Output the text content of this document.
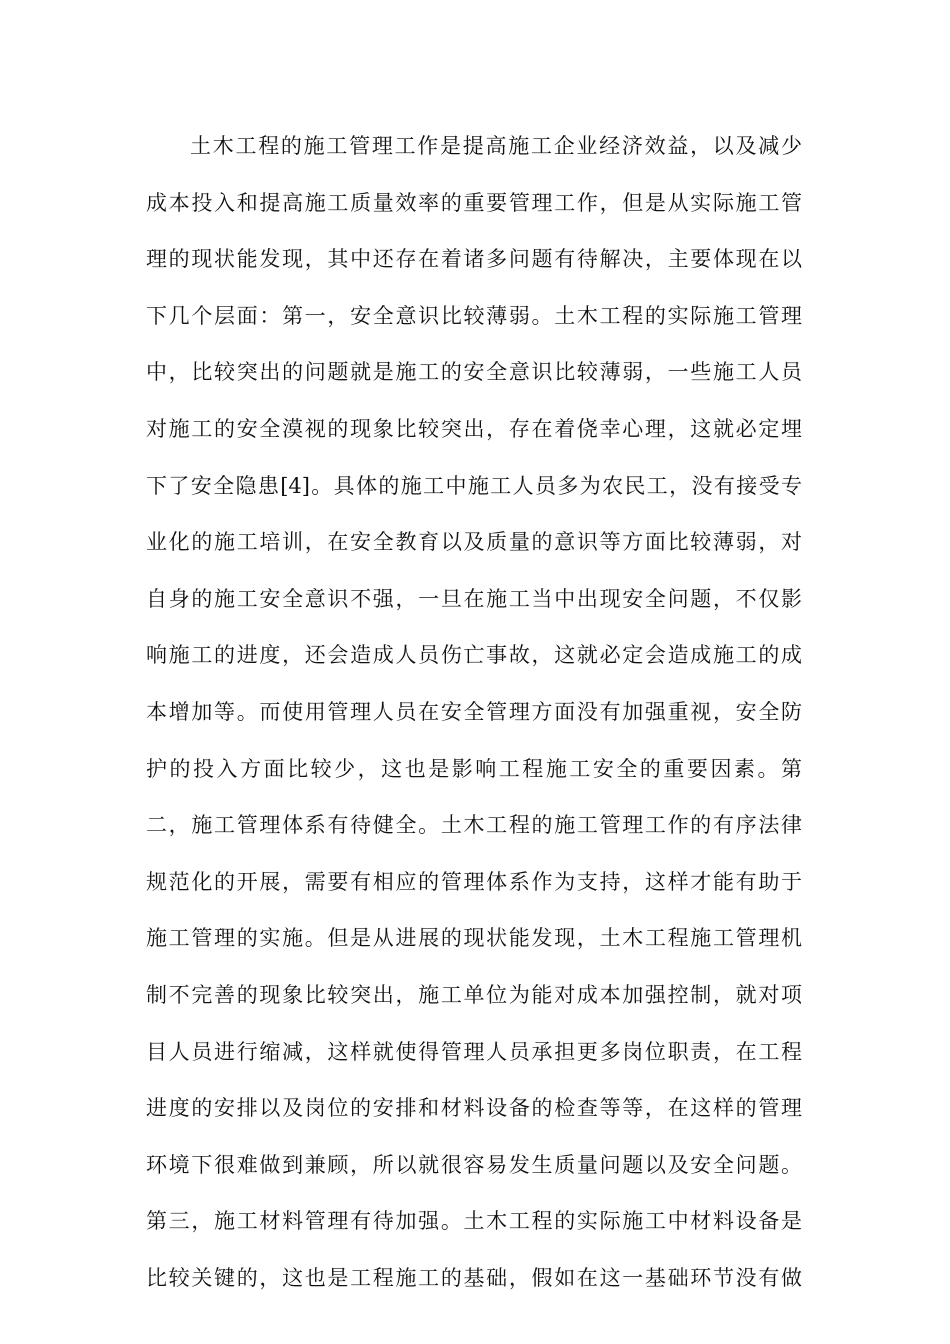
土木工程的施工管理工作是提高施工企业经济效益，以及减少
成本投入和提高施工质量效率的重要管理工作，但是从实际施工管
理的现状能发现，其中还存在着诸多问题有待解决，主要体现在以
下几个层面：第一，安全意识比较薄弱。土木工程的实际施工管理
中，比较突出的问题就是施工的安全意识比较薄弱，一些施工人员
对施工的安全漠视的现象比较突出，存在着侥幸心理，这就必定埋
下了安全隐患[4]。具体的施工中施工人员多为农民工，没有接受专
业化的施工培训，在安全教育以及质量的意识等方面比较薄弱，对
自身的施工安全意识不强，一旦在施工当中出现安全问题，不仅影
响施工的进度，还会造成人员伤亡事故，这就必定会造成施工的成
本增加等。而使用管理人员在安全管理方面没有加强重视，安全防
护的投入方面比较少，这也是影响工程施工安全的重要因素。第
二，施工管理体系有待健全。土木工程的施工管理工作的有序法律
规范化的开展，需要有相应的管理体系作为支持，这样才能有助于
施工管理的实施。但是从进展的现状能发现，土木工程施工管理机
制不完善的现象比较突出，施工单位为能对成本加强控制，就对项
目人员进行缩减，这样就使得管理人员承担更多岗位职责，在工程
进度的安排以及岗位的安排和材料设备的检查等等，在这样的管理
环境下很难做到兼顾，所以就很容易发生质量问题以及安全问题。
第三，施工材料管理有待加强。土木工程的实际施工中材料设备是
比较关键的，这也是工程施工的基础，假如在这一基础环节没有做
